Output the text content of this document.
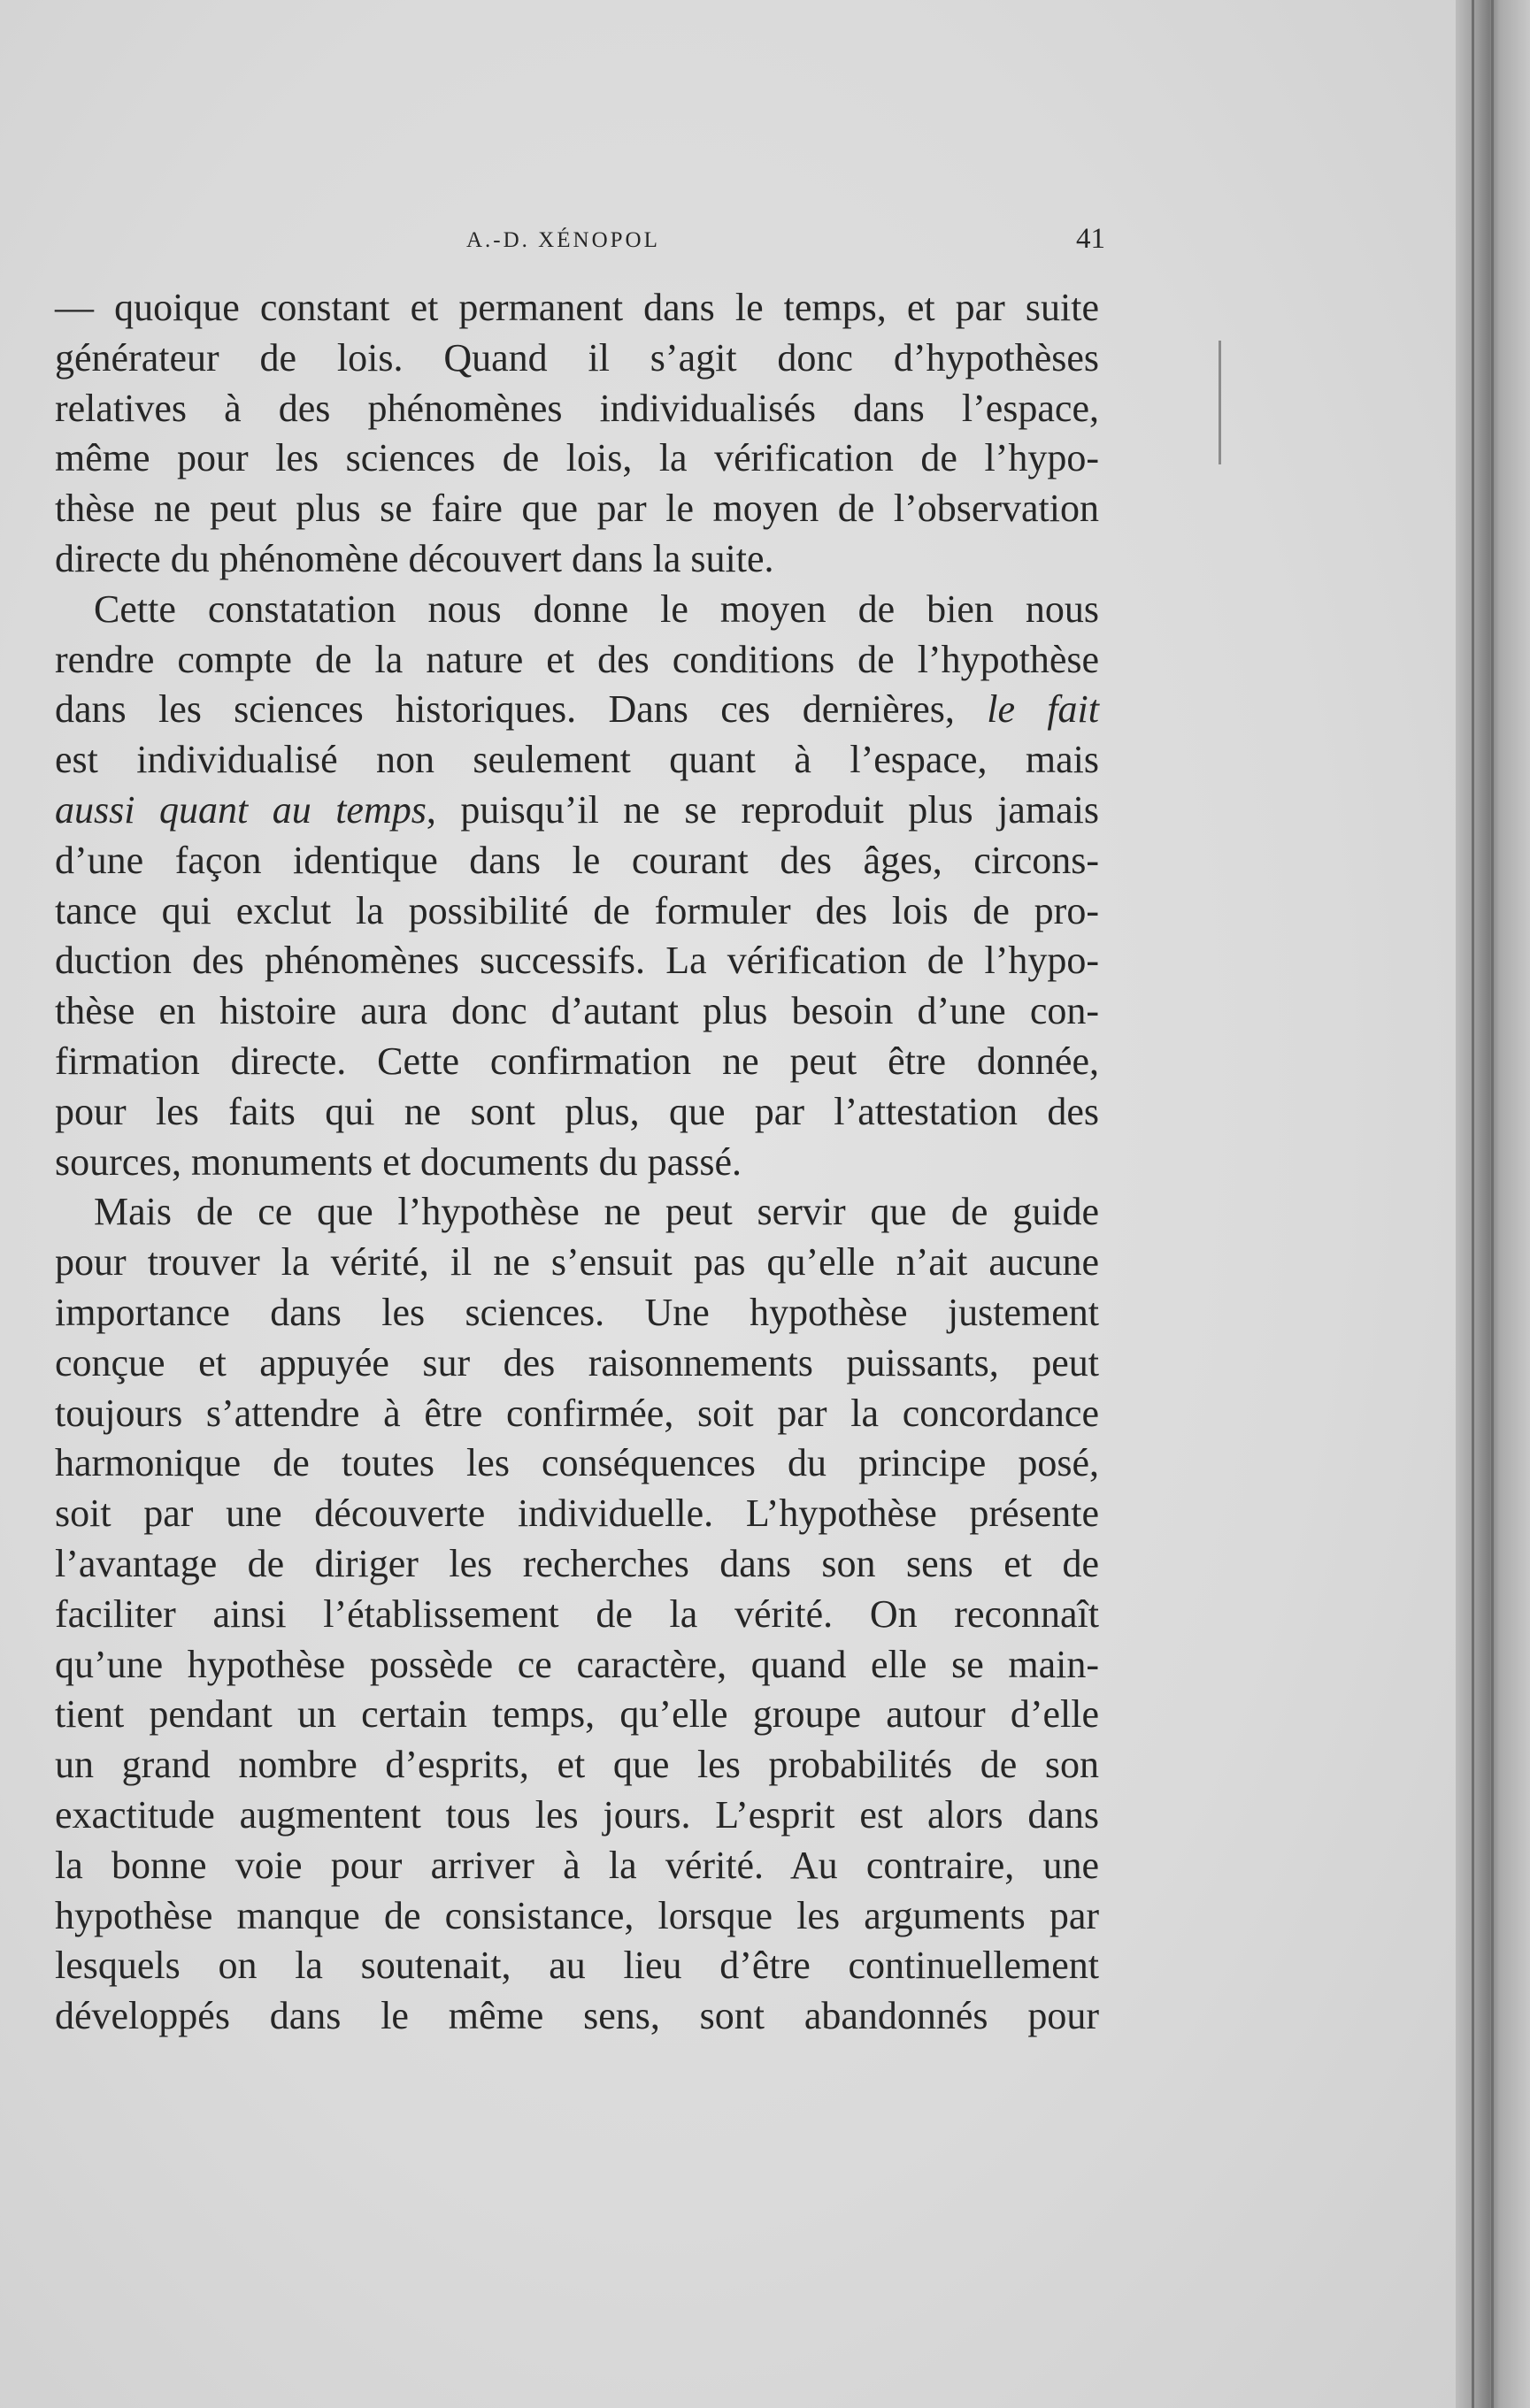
A.-D. XÉNOPOL	41
— quoique constant et permanent dans le temps, et par suite
générateur de lois. Quand il s’agit donc d’hypothèses
relatives à des phénomènes individualisés dans l’espace,
même pour les sciences de lois, la vérification de l’hypo-
thèse ne peut plus se faire que par le moyen de l’observation
directe du phénomène découvert dans la suite.
Cette constatation nous donne le moyen de bien nous
rendre compte de la nature et des conditions de l’hypothèse
dans les sciences historiques. Dans ces dernières, le fait
est individualisé non seulement quant à l’espace, mais
aussi quant au temps, puisqu’il ne se reproduit plus jamais
d’une façon identique dans le courant des âges, circons-
tance qui exclut la possibilité de formuler des lois de pro-
duction des phénomènes successifs. La vérification de l’hypo-
thèse en histoire aura donc d’autant plus besoin d’une con-
firmation directe. Cette confirmation ne peut être donnée,
pour les faits qui ne sont plus, que par l’attestation des
sources, monuments et documents du passé.
Mais de ce que l’hypothèse ne peut servir que de guide
pour trouver la vérité, il ne s’ensuit pas qu’elle n’ait aucune
importance dans les sciences. Une hypothèse justement
conçue et appuyée sur des raisonnements puissants, peut
toujours s’attendre à être confirmée, soit par la concordance
harmonique de toutes les conséquences du principe posé,
soit par une découverte individuelle. L’hypothèse présente
l’avantage de diriger les recherches dans son sens et de
faciliter ainsi l’établissement de la vérité. On reconnaît
qu’une hypothèse possède ce caractère, quand elle se main-
tient pendant un certain temps, qu’elle groupe autour d’elle
un grand nombre d’esprits, et que les probabilités de son
exactitude augmentent tous les jours. L’esprit est alors dans
la bonne voie pour arriver à la vérité. Au contraire, une
hypothèse manque de consistance, lorsque les arguments par
lesquels on la soutenait, au lieu d’être continuellement
développés dans le même sens, sont abandonnés pour
